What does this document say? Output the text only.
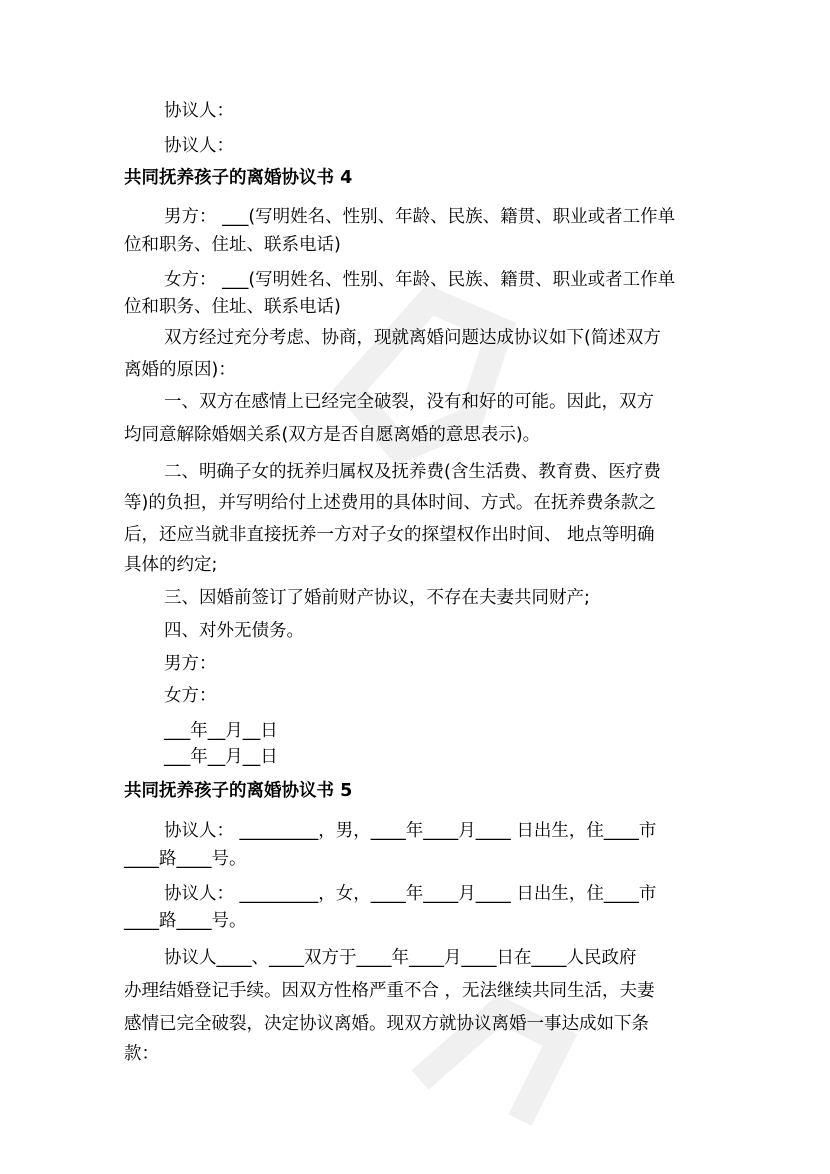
协议人：
协议人：
共同抚养孩子的离婚协议书 4
男方： ___(写明姓名、性别、年龄、民族、籍贯、职业或者工作单
位和职务、住址、联系电话)
女方： ___(写明姓名、性别、年龄、民族、籍贯、职业或者工作单
位和职务、住址、联系电话)
双方经过充分考虑、协商，现就离婚问题达成协议如下(简述双方
离婚的原因)：
一、双方在感情上已经完全破裂，没有和好的可能。因此，双方
均同意解除婚姻关系(双方是否自愿离婚的意思表示)。
二、明确子女的抚养归属权及抚养费(含生活费、教育费、医疗费
等)的负担，并写明给付上述费用的具体时间、方式。在抚养费条款之
后，还应当就非直接抚养一方对子女的探望权作出时间、 地点等明确
具体的约定;
三、因婚前签订了婚前财产协议，不存在夫妻共同财产;
四、对外无债务。
男方：
女方：
___年__月__日
___年__月__日
共同抚养孩子的离婚协议书 5
协议人： _________，男，____年____月____ 日出生，住____市
____路____号。
协议人： _________，女，____年____月____ 日出生，住____市
____路____号。
协议人____、____双方于____年____月____日在____人民政府
办理结婚登记手续。因双方性格严重不合 ，无法继续共同生活，夫妻
感情已完全破裂，决定协议离婚。现双方就协议离婚一事达成如下条
款：
